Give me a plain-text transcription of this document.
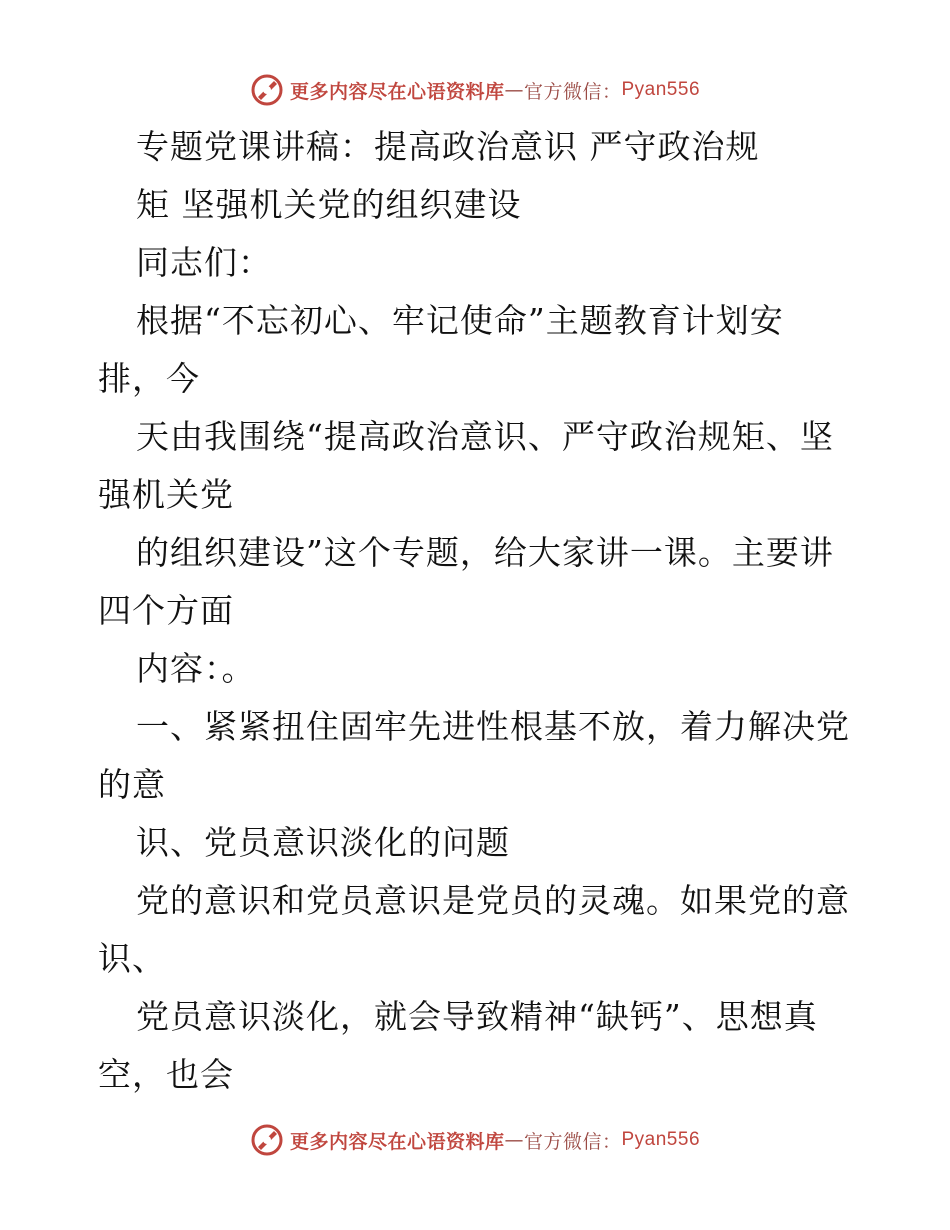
更多内容尽在心语资料库 — 官方微信： Pyan556
专题党课讲稿：提高政治意识 严守政治规
矩 坚强机关党的组织建设
同志们：
根据“不忘初心、牢记使命”主题教育计划安
排，今
天由我围绕“提高政治意识、严守政治规矩、坚
强机关党
的组织建设”这个专题，给大家讲一课。主要讲
四个方面
内容：。
一、紧紧扭住固牢先进性根基不放，着力解决党
的意
识、党员意识淡化的问题
党的意识和党员意识是党员的灵魂。如果党的意
识、
党员意识淡化，就会导致精神“缺钙”、思想真
空，也会
更多内容尽在心语资料库 — 官方微信： Pyan556
